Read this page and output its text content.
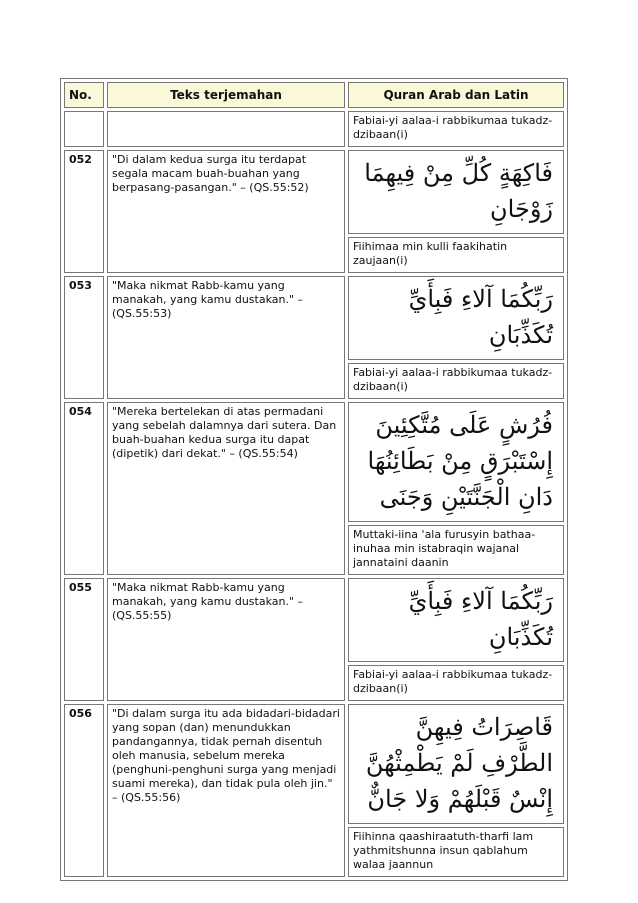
No.	Teks terjemahan	Quran Arab dan Latin
		Fabiai-yi aalaa-i rabbikumaa tukadz-dzibaan(i)
052	"Di dalam kedua surga itu terdapat segala macam buah-buahan yang berpasang-pasangan." – (QS.55:52)	فَاكِهَةٍ كُلِّ مِنْ فِيهِمَا زَوْجَانِ
		Fiihimaa min kulli faakihatin zaujaan(i)
053	"Maka nikmat Rabb-kamu yang manakah, yang kamu dustakan." – (QS.55:53)	رَبِّكُمَا آلاءِ فَبِأَيِّ تُكَذِّبَانِ
		Fabiai-yi aalaa-i rabbikumaa tukadz-dzibaan(i)
054	"Mereka bertelekan di atas permadani yang sebelah dalamnya dari sutera. Dan buah-buahan kedua surga itu dapat (dipetik) dari dekat." – (QS.55:54)	فُرُشٍ عَلَى مُتَّكِئِينَ إِسْتَبْرَقٍ مِنْ بَطَائِنُهَا دَانِ الْجَنَّتَيْنِ وَجَنَى
		Muttaki-iina 'ala furusyin bathaa-inuhaa min istabraqin wajanal jannataini daanin
055	"Maka nikmat Rabb-kamu yang manakah, yang kamu dustakan." – (QS.55:55)	رَبِّكُمَا آلاءِ فَبِأَيِّ تُكَذِّبَانِ
		Fabiai-yi aalaa-i rabbikumaa tukadz-dzibaan(i)
056	"Di dalam surga itu ada bidadari-bidadari yang sopan (dan) menundukkan pandangannya, tidak pernah disentuh oleh manusia, sebelum mereka (penghuni-penghuni surga yang menjadi suami mereka), dan tidak pula oleh jin." – (QS.55:56)	قَاصِرَاتُ فِيهِنَّ الطَّرْفِ لَمْ يَطْمِثْهُنَّ إِنْسٌ قَبْلَهُمْ وَلا جَانٌّ
		Fiihinna qaashiraatuth-tharfi lam yathmitshunna insun qablahum walaa jaannun
